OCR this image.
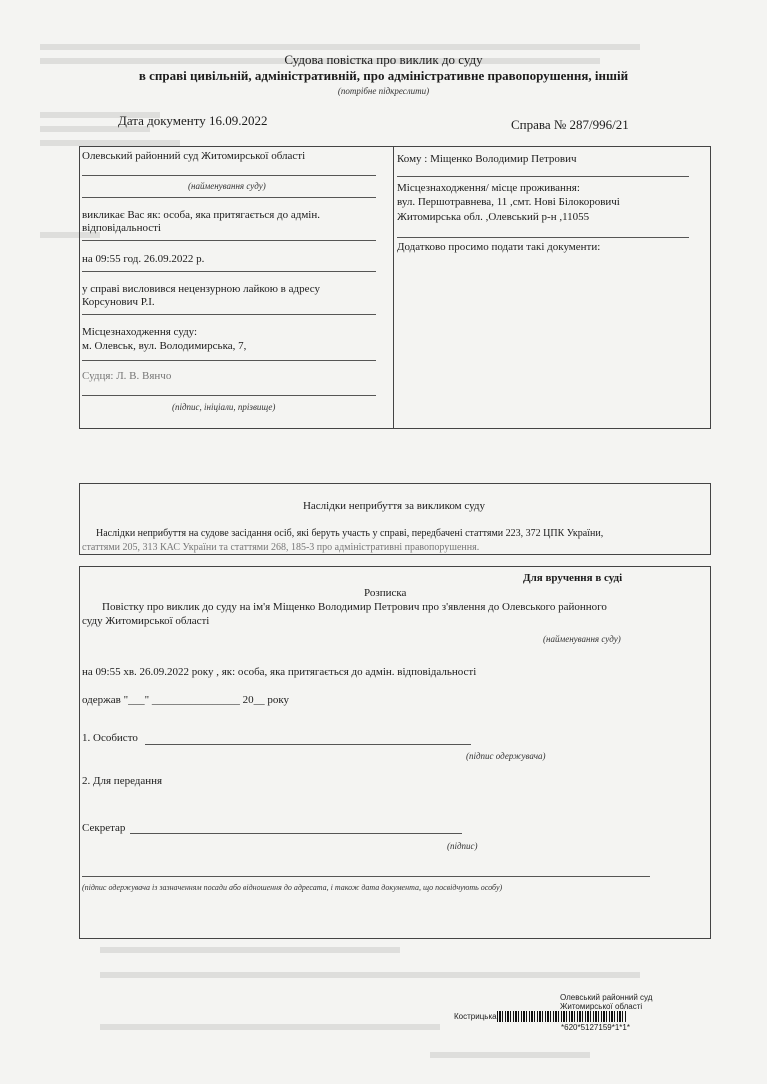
Судова повістка про виклик до суду
в справі цивільній, адміністративній, про адміністративне правопорушення, іншій
(потрібне підкреслити)
Дата документу 16.09.2022	Справа № 287/996/21
Олевський районний суд Житомирської області
(найменування суду)
викликає Вас як: особа, яка притягається до адмін.
відповідальності
на 09:55 год. 26.09.2022 р.
у справі висловився нецензурною лайкою в адресу
Корсунович Р.І.
Місцезнаходження суду:
м. Олевськ, вул. Володимирська, 7,
Судця: Л. В. Вянчо
(підпис, ініціали, прізвище)
Кому : Міщенко Володимир Петрович
Місцезнаходження/ місце проживання:
вул. Першотравнева, 11 ,смт. Нові Білокоровичі
Житомирська обл. ,Олевський р-н ,11055
Додатково просимо подати такі документи:
Наслідки неприбуття за викликом суду
Наслідки неприбуття на судове засідання осіб, які беруть участь у справі, передбачені статтями 223, 372 ЦПК України,
статтями 205, 313 КАС України та статтями 268, 185-3 про адміністративні правопорушення.
Для вручення в суді
Розписка
Повістку про виклик до суду на ім'я Міщенко Володимир Петрович про з'явлення до Олевського районного
суду Житомирської області
(найменування суду)
на 09:55 хв. 26.09.2022 року , як: особа, яка притягається до адмін. відповідальності
одержав "___" ________________ 20__ року
1. Особисто
(підпис одержувача)
2. Для передання
Секретар
(підпис)
(підпис одержувача із зазначенням посади або відношення до адресата, і також дата документа, що посвідчують особу)
Олевський районний суд
Житомирської області
Кострицька
*620*5127159*1*1*
